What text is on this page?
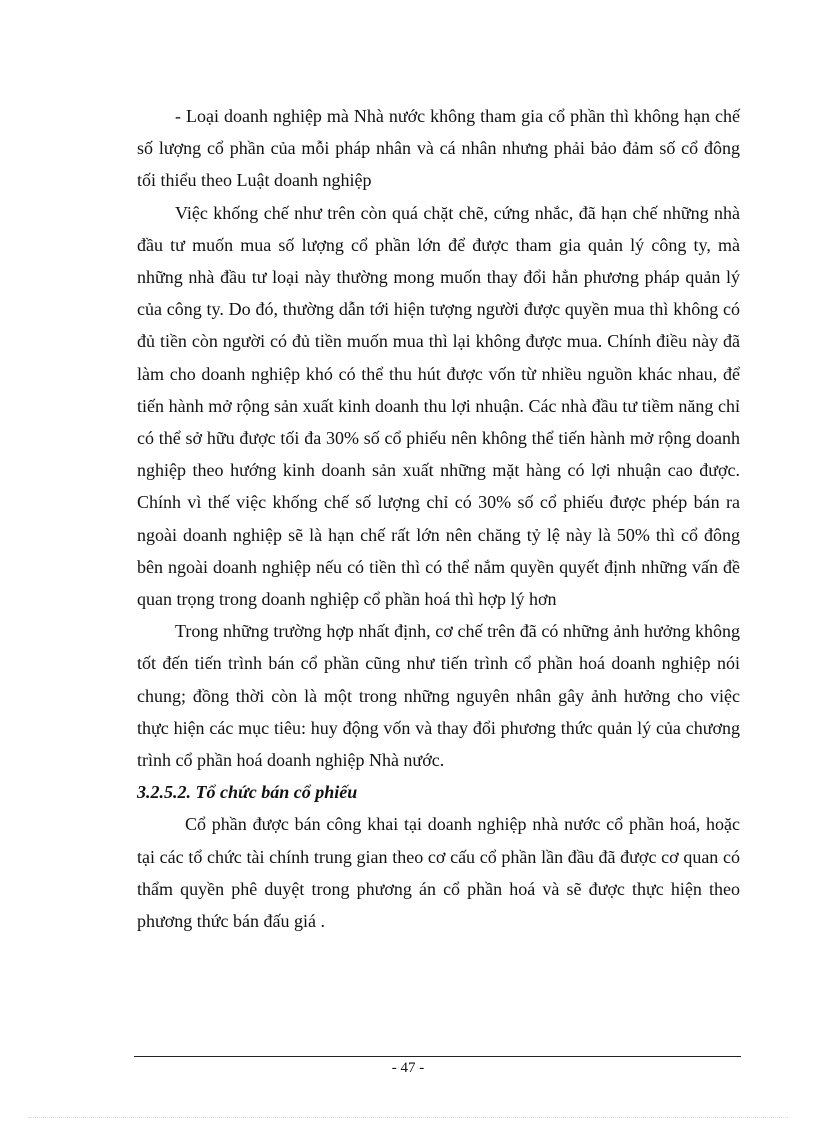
- Loại doanh nghiệp mà Nhà nước không tham gia cổ phần thì không hạn chế số lượng cổ phần của mỗi pháp nhân và cá nhân nhưng phải bảo đảm số cổ đông tối thiểu theo Luật doanh nghiệp

Việc khống chế như trên còn quá chặt chẽ, cứng nhắc, đã hạn chế những nhà đầu tư muốn mua số lượng cổ phần lớn để được tham gia quản lý công ty, mà những nhà đầu tư loại này thường mong muốn thay đổi hẳn phương pháp quản lý của công ty. Do đó, thường dẫn tới hiện tượng người được quyền mua thì không có đủ tiền còn người có đủ tiền muốn mua thì lại không được mua. Chính điều này đã làm cho doanh nghiệp khó có thể thu hút được vốn từ nhiều nguồn khác nhau, để tiến hành mở rộng sản xuất kinh doanh thu lợi nhuận. Các nhà đầu tư tiềm năng chỉ có thể sở hữu được tối đa 30% số cổ phiếu nên không thể tiến hành mở rộng doanh nghiệp theo hướng kinh doanh sản xuất những mặt hàng có lợi nhuận cao được. Chính vì thế việc khống chế số lượng chỉ có 30% số cổ phiếu được phép bán ra ngoài doanh nghiệp sẽ là hạn chế rất lớn nên chăng tỷ lệ này là 50% thì cổ đông bên ngoài doanh nghiệp nếu có tiền thì có thể nắm quyền quyết định những vấn đề quan trọng trong doanh nghiệp cổ phần hoá thì hợp lý hơn

Trong những trường hợp nhất định, cơ chế trên đã có những ảnh hưởng không tốt đến tiến trình bán cổ phần cũng như tiến trình cổ phần hoá doanh nghiệp nói chung; đồng thời còn là một trong những nguyên nhân gây ảnh hưởng cho việc thực hiện các mục tiêu: huy động vốn và thay đổi phương thức quản lý của chương trình cổ phần hoá doanh nghiệp Nhà nước.

3.2.5.2. Tổ chức bán cổ phiếu

Cổ phần được bán công khai tại doanh nghiệp nhà nước cổ phần hoá, hoặc tại các tổ chức tài chính trung gian theo cơ cấu cổ phần lần đầu đã được cơ quan có thẩm quyền phê duyệt trong phương án cổ phần hoá và sẽ được thực hiện theo phương thức bán đấu giá .

- 47 -
